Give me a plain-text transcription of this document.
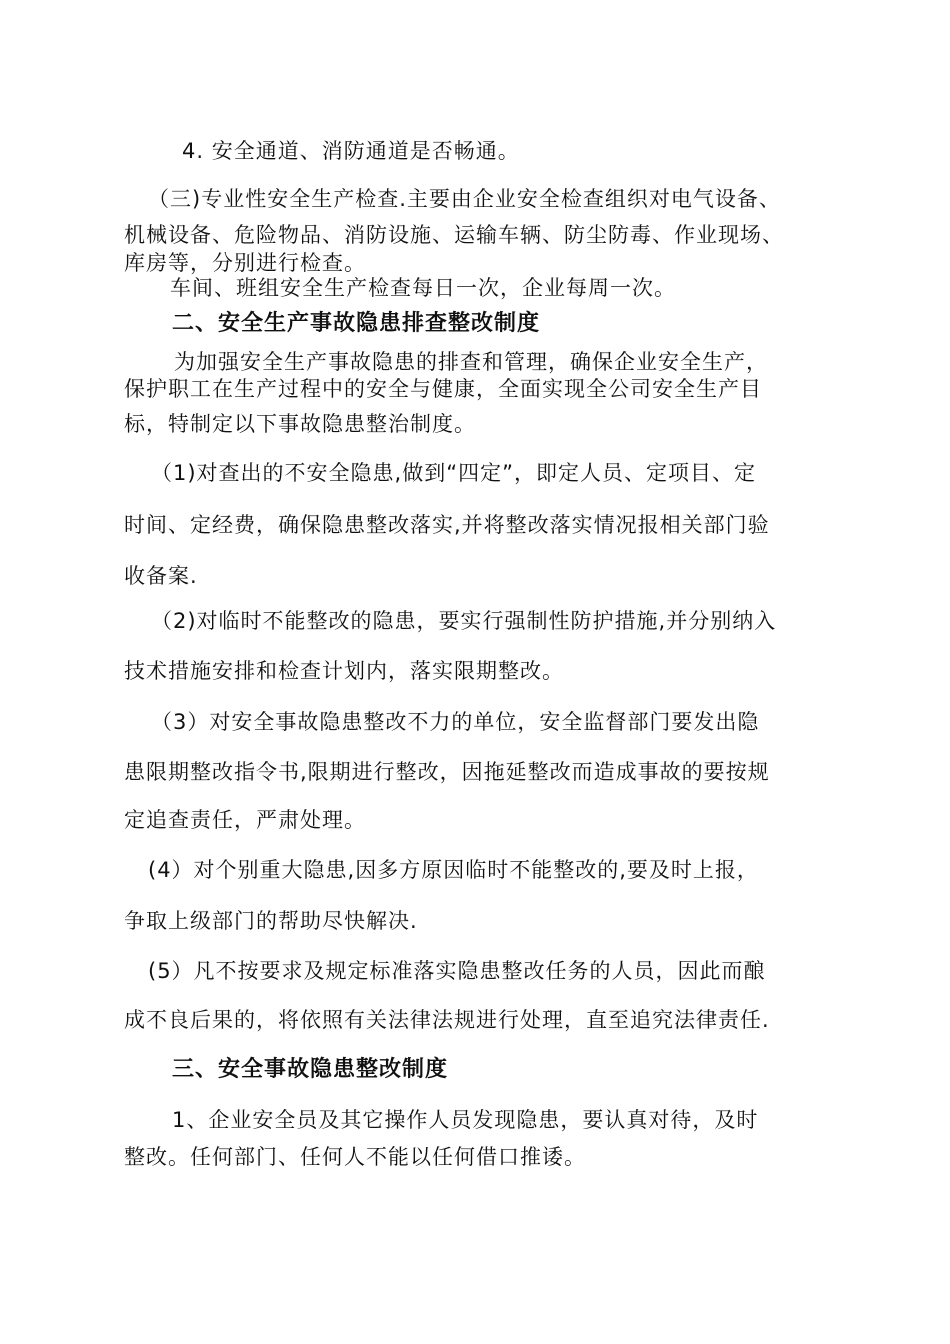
4. 安全通道、消防通道是否畅通。
（三)专业性安全生产检查.主要由企业安全检查组织对电气设备、
机械设备、危险物品、消防设施、运输车辆、防尘防毒、作业现场、
库房等，分别进行检查。
车间、班组安全生产检查每日一次，企业每周一次。
二、安全生产事故隐患排查整改制度
为加强安全生产事故隐患的排查和管理，确保企业安全生产，
保护职工在生产过程中的安全与健康，全面实现全公司安全生产目
标，特制定以下事故隐患整治制度。
（1)对查出的不安全隐患,做到“四定”，即定人员、定项目、定
时间、定经费，确保隐患整改落实,并将整改落实情况报相关部门验
收备案.
（2)对临时不能整改的隐患，要实行强制性防护措施,并分别纳入
技术措施安排和检查计划内，落实限期整改。
（3）对安全事故隐患整改不力的单位，安全监督部门要发出隐
患限期整改指令书,限期进行整改，因拖延整改而造成事故的要按规
定追查责任，严肃处理。
(4）对个别重大隐患,因多方原因临时不能整改的,要及时上报，
争取上级部门的帮助尽快解决.
(5）凡不按要求及规定标准落实隐患整改任务的人员，因此而酿
成不良后果的，将依照有关法律法规进行处理，直至追究法律责任.
三、安全事故隐患整改制度
1、企业安全员及其它操作人员发现隐患，要认真对待，及时
整改。任何部门、任何人不能以任何借口推诿。
